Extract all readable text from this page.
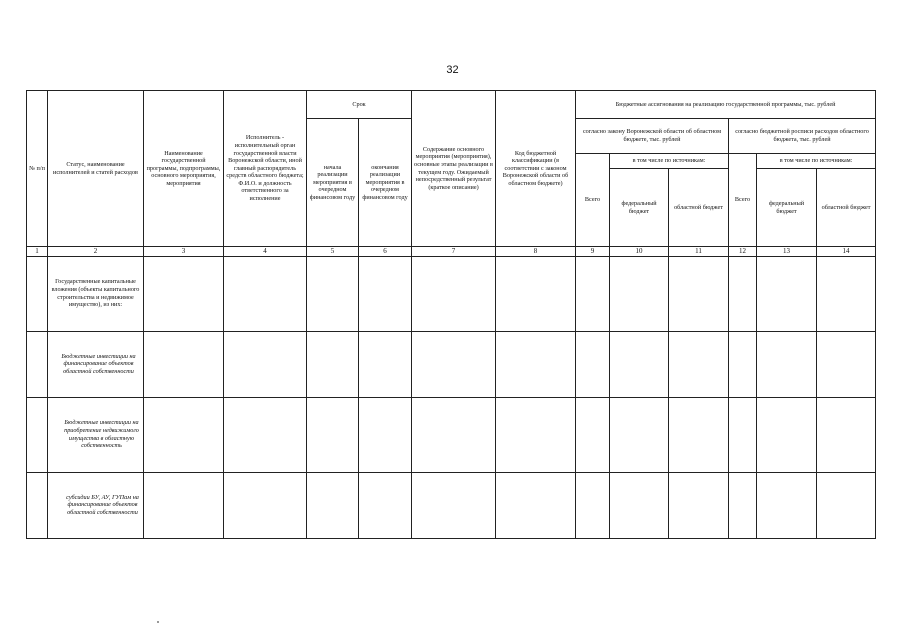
32
№ п/п	Статус, наименование исполнителей и статей расходов	Наименование государственной программы, подпрограммы, основного мероприятия, мероприятия	Исполнитель - исполнительный орган государственной власти Воронежской области, иной главный распорядитель средств областного бюджета; Ф.И.О. и должность ответственного за исполнение	Срок		Содержание основного мероприятия (мероприятия), основные этапы реализации в текущем году. Ожидаемый непосредственный результат (краткое описание)	Код бюджетной классификации (в соответствии с законом Воронежской области об областном бюджете)	Бюджетные ассигнования на реализацию государственной программы, тыс. рублей					
				начала реализации мероприятия в очередном финансовом году	окончания реализации мероприятия в очередном финансовом году			согласно закону Воронежской области об областном бюджете, тыс. рублей			согласно бюджетной росписи расходов областного бюджета, тыс. рублей		
								Всего	в том числе по источникам:		Всего	в том числе по источникам:	
									федеральный бюджет	областной бюджет		федеральный бюджет	областной бюджет
1	2	3	4	5	6	7	8	9	10	11	12	13	14
	Государственные капитальные вложения (объекты капитального строительства и недвижимое имущество), из них:												
	Бюджетные инвестиции на финансирование объектов областной собственности												
	Бюджетные инвестиции на приобретение недвижимого имущества в областную собственность												
	субсидии БУ, АУ, ГУПам на финансирование объектов областной собственности												
